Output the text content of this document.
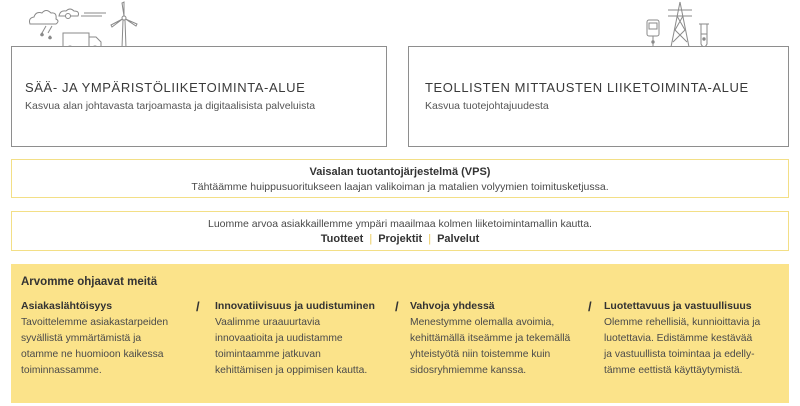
SÄÄ- JA YMPÄRISTÖLIIKETOIMINTA-ALUE
Kasvua alan johtavasta tarjoamasta ja digitaalisista palveluista
TEOLLISTEN MITTAUSTEN LIIKETOIMINTA-ALUE
Kasvua tuotejohtajuudesta
Vaisalan tuotantojärjestelmä (VPS)
Tähtäämme huippusuoritukseen laajan valikoiman ja matalien volyymien toimitusketjussa.
Luomme arvoa asiakkaillemme ympäri maailmaa kolmen liiketoimintamallin kautta.
Tuotteet | Projektit | Palvelut
Arvomme ohjaavat meitä
Asiakaslähtöisyys
Tavoittelemme asiakastarpeiden
syvällistä ymmärtämistä ja
otamme ne huomioon kaikessa
toiminnassamme.
/ Innovatiivisuus ja uudistuminen
Vaalimme uraauurtavia
innovaatioita ja uudistamme
toimintaamme jatkuvan
kehittämisen ja oppimisen kautta.
/ Vahvoja yhdessä
Menestymme olemalla avoimia,
kehittämällä itseämme ja tekemällä
yhteistyötä niin toistemme kuin
sidosryhmiemme kanssa.
/ Luotettavuus ja vastuullisuus
Olemme rehellisiä, kunnioittavia ja
luotettavia. Edistämme kestävää
ja vastuullista toimintaa ja edelly-
tämme eettistä käyttäytymistä.
